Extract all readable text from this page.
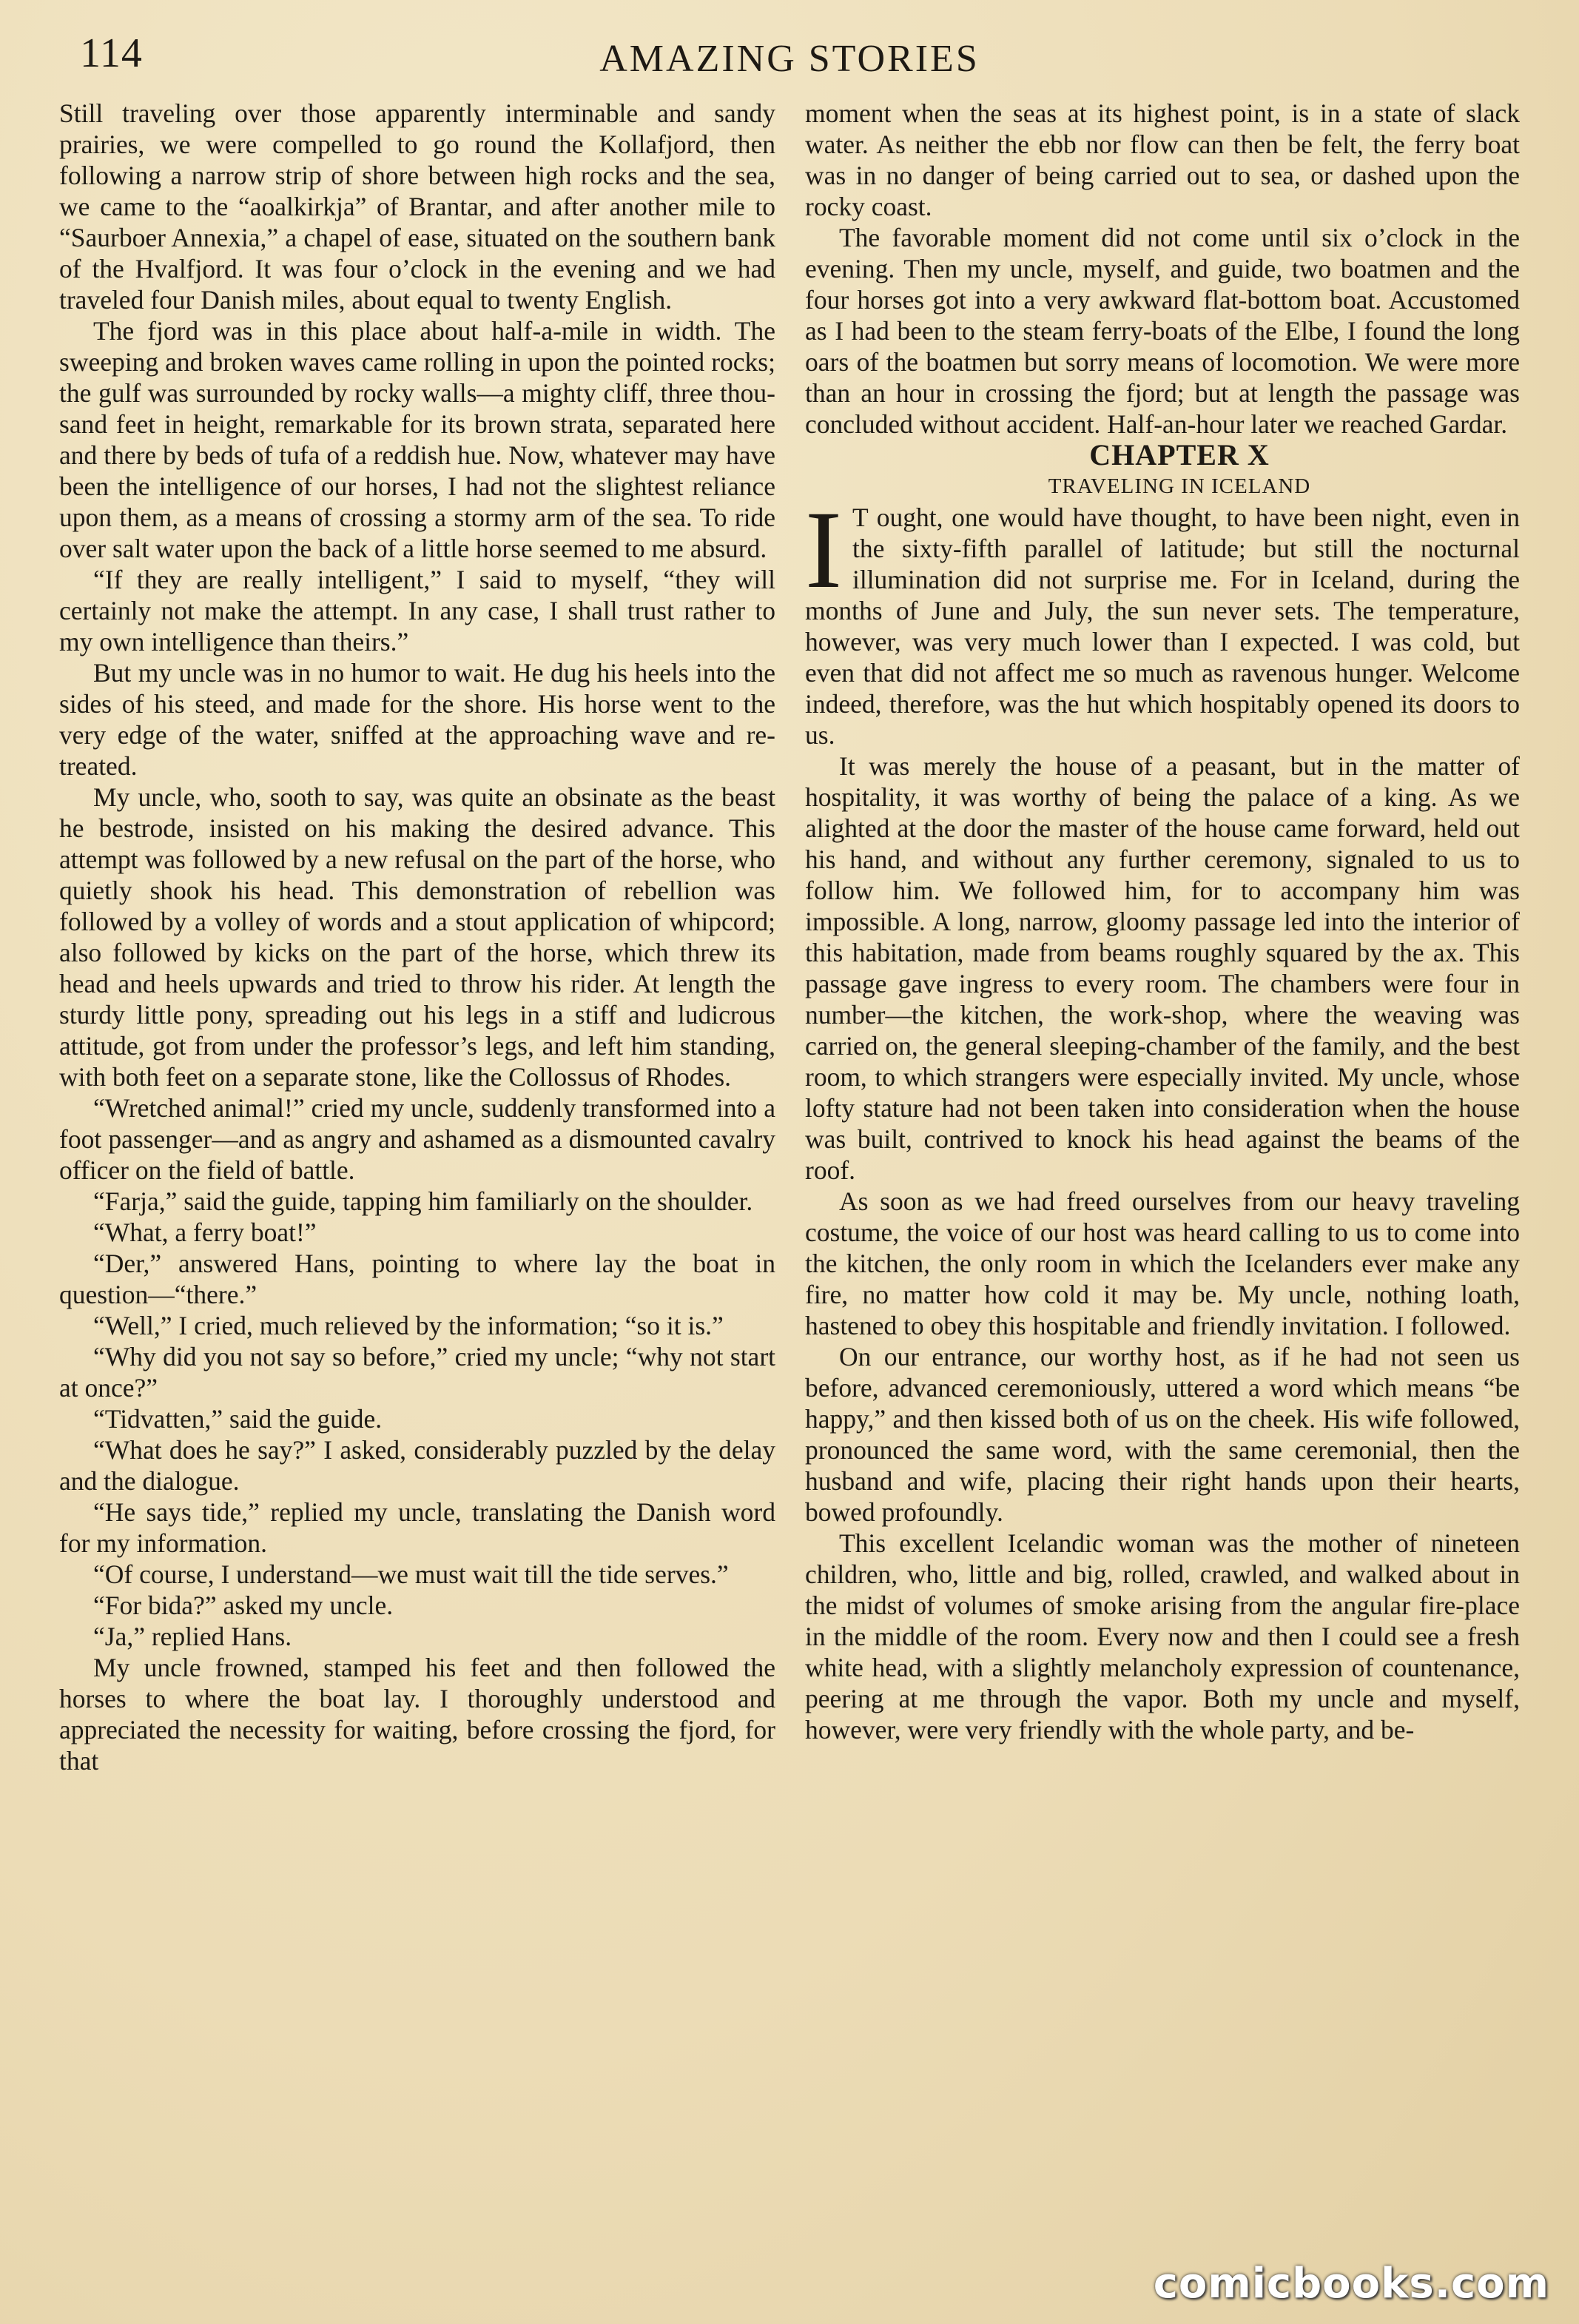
114	AMAZING STORIES

Still traveling over those apparently interminable and sandy prairies, we were compelled to go round the Kollafjord, then following a narrow strip of shore between high rocks and the sea, we came to the “aoalkirkja” of Brantar, and after another mile to “Saurboer Annexia,” a chapel of ease, situated on the southern bank of the Hvalfjord. It was four o’clock in the evening and we had traveled four Danish miles, about equal to twenty English.

The fjord was in this place about half-a-mile in width. The sweeping and broken waves came rolling in upon the pointed rocks; the gulf was surrounded by rocky walls—a mighty cliff, three thousand feet in height, remarkable for its brown strata, separated here and there by beds of tufa of a reddish hue. Now, whatever may have been the intelligence of our horses, I had not the slightest reliance upon them, as a means of crossing a stormy arm of the sea. To ride over salt water upon the back of a little horse seemed to me absurd.

“If they are really intelligent,” I said to myself, “they will certainly not make the attempt. In any case, I shall trust rather to my own intelligence than theirs.”

But my uncle was in no humor to wait. He dug his heels into the sides of his steed, and made for the shore. His horse went to the very edge of the water, sniffed at the approaching wave and retreated.

My uncle, who, sooth to say, was quite an obsinate as the beast he bestrode, insisted on his making the desired advance. This attempt was followed by a new refusal on the part of the horse, who quietly shook his head. This demonstration of rebellion was followed by a volley of words and a stout application of whipcord; also followed by kicks on the part of the horse, which threw its head and heels upwards and tried to throw his rider. At length the sturdy little pony, spreading out his legs in a stiff and ludicrous attitude, got from under the professor’s legs, and left him standing, with both feet on a separate stone, like the Collossus of Rhodes.

“Wretched animal!” cried my uncle, suddenly transformed into a foot passenger—and as angry and ashamed as a dismounted cavalry officer on the field of battle.

“Farja,” said the guide, tapping him familiarly on the shoulder.

“What, a ferry boat!”

“Der,” answered Hans, pointing to where lay the boat in question—“there.”

“Well,” I cried, much relieved by the information; “so it is.”

“Why did you not say so before,” cried my uncle; “why not start at once?”

“Tidvatten,” said the guide.

“What does he say?” I asked, considerably puzzled by the delay and the dialogue.

“He says tide,” replied my uncle, translating the Danish word for my information.

“Of course, I understand—we must wait till the tide serves.”

“For bida?” asked my uncle.

“Ja,” replied Hans.

My uncle frowned, stamped his feet and then followed the horses to where the boat lay. I thoroughly understood and appreciated the necessity for waiting, before crossing the fjord, for that

moment when the seas at its highest point, is in a state of slack water. As neither the ebb nor flow can then be felt, the ferry boat was in no danger of being carried out to sea, or dashed upon the rocky coast.

The favorable moment did not come until six o’clock in the evening. Then my uncle, myself, and guide, two boatmen and the four horses got into a very awkward flat-bottom boat. Accustomed as I had been to the steam ferry-boats of the Elbe, I found the long oars of the boatmen but sorry means of locomotion. We were more than an hour in crossing the fjord; but at length the passage was concluded without accident. Half-an-hour later we reached Gardar.

CHAPTER X

TRAVELING IN ICELAND

I T ought, one would have thought, to have been night, even in the sixty-fifth parallel of latitude; but still the nocturnal illumination did not surprise me. For in Iceland, during the months of June and July, the sun never sets. The temperature, however, was very much lower than I expected. I was cold, but even that did not affect me so much as ravenous hunger. Welcome indeed, therefore, was the hut which hospitably opened its doors to us.

It was merely the house of a peasant, but in the matter of hospitality, it was worthy of being the palace of a king. As we alighted at the door the master of the house came forward, held out his hand, and without any further ceremony, signaled to us to follow him. We followed him, for to accompany him was impossible. A long, narrow, gloomy passage led into the interior of this habitation, made from beams roughly squared by the ax. This passage gave ingress to every room. The chambers were four in number—the kitchen, the work-shop, where the weaving was carried on, the general sleeping-chamber of the family, and the best room, to which strangers were especially invited. My uncle, whose lofty stature had not been taken into consideration when the house was built, contrived to knock his head against the beams of the roof.

As soon as we had freed ourselves from our heavy traveling costume, the voice of our host was heard calling to us to come into the kitchen, the only room in which the Icelanders ever make any fire, no matter how cold it may be. My uncle, nothing loath, hastened to obey this hospitable and friendly invitation. I followed.

On our entrance, our worthy host, as if he had not seen us before, advanced ceremoniously, uttered a word which means “be happy,” and then kissed both of us on the cheek. His wife followed, pronounced the same word, with the same ceremonial, then the husband and wife, placing their right hands upon their hearts, bowed profoundly.

This excellent Icelandic woman was the mother of nineteen children, who, little and big, rolled, crawled, and walked about in the midst of volumes of smoke arising from the angular fire-place in the middle of the room. Every now and then I could see a fresh white head, with a slightly melancholy expression of countenance, peering at me through the vapor. Both my uncle and myself, however, were very friendly with the whole party, and be-

comicbooks.com
